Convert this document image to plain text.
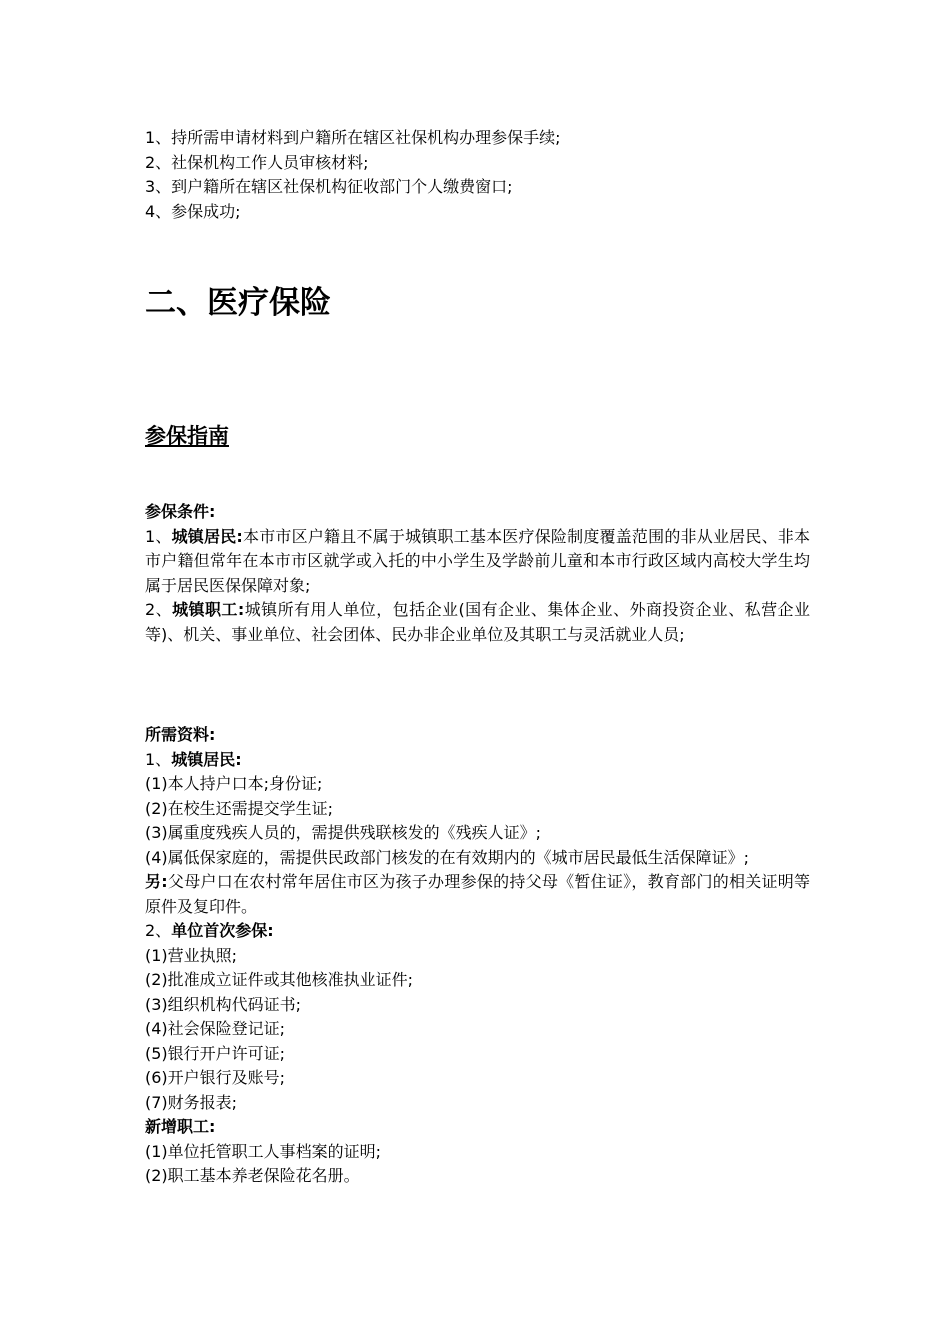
1、持所需申请材料到户籍所在辖区社保机构办理参保手续;
2、社保机构工作人员审核材料;
3、到户籍所在辖区社保机构征收部门个人缴费窗口;
4、参保成功;
二、医疗保险
参保指南
参保条件:
1、城镇居民:本市市区户籍且不属于城镇职工基本医疗保险制度覆盖范围的非从业居民、非本市户籍但常年在本市市区就学或入托的中小学生及学龄前儿童和本市行政区域内高校大学生均属于居民医保保障对象;
2、城镇职工:城镇所有用人单位，包括企业(国有企业、集体企业、外商投资企业、私营企业等)、机关、事业单位、社会团体、民办非企业单位及其职工与灵活就业人员;
所需资料:
1、城镇居民:
(1)本人持户口本;身份证;
(2)在校生还需提交学生证;
(3)属重度残疾人员的，需提供残联核发的《残疾人证》;
(4)属低保家庭的，需提供民政部门核发的在有效期内的《城市居民最低生活保障证》;
另:父母户口在农村常年居住市区为孩子办理参保的持父母《暂住证》，教育部门的相关证明等原件及复印件。
2、单位首次参保:
(1)营业执照;
(2)批准成立证件或其他核准执业证件;
(3)组织机构代码证书;
(4)社会保险登记证;
(5)银行开户许可证;
(6)开户银行及账号;
(7)财务报表;
新增职工:
(1)单位托管职工人事档案的证明;
(2)职工基本养老保险花名册。
